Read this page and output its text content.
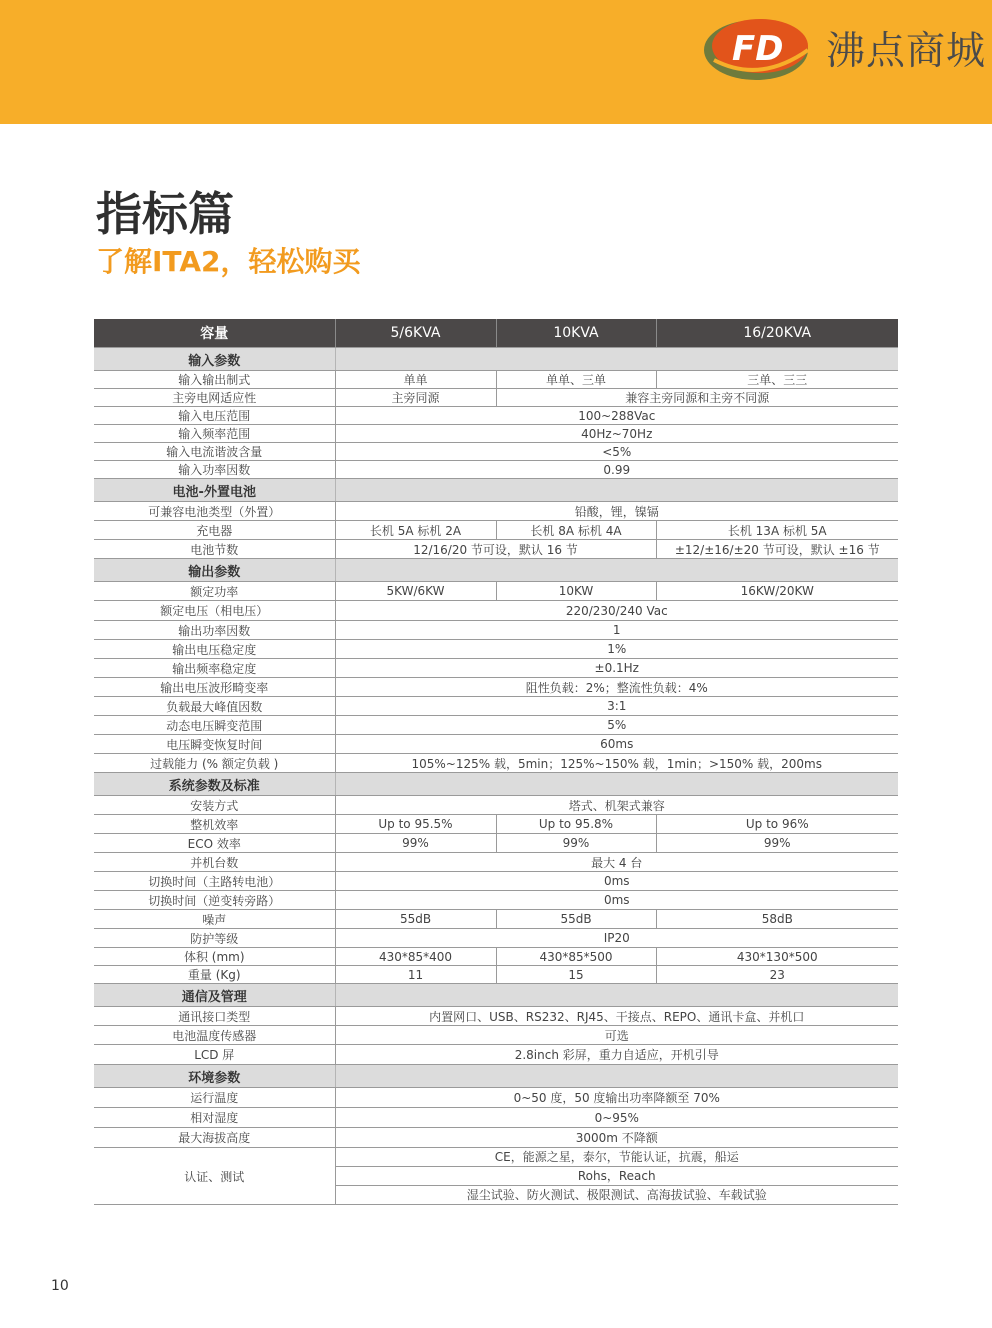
FD 沸点商城
指标篇
了解ITA2，轻松购买
容量	5/6KVA	10KVA	16/20KVA
输入参数			
输入输出制式	单单	单单、三单	三单、三三
主旁电网适应性	主旁同源	兼容主旁同源和主旁不同源	
输入电压范围	100~288Vac		
输入频率范围	40Hz~70Hz		
输入电流谐波含量	<5%		
输入功率因数	0.99		
电池-外置电池			
可兼容电池类型（外置）	铅酸，锂，镍镉		
充电器	长机 5A 标机 2A	长机 8A 标机 4A	长机 13A 标机 5A
电池节数	12/16/20 节可设，默认 16 节		±12/±16/±20 节可设，默认 ±16 节
输出参数			
额定功率	5KW/6KW	10KW	16KW/20KW
额定电压（相电压）	220/230/240 Vac		
输出功率因数	1		
输出电压稳定度	1%		
输出频率稳定度	±0.1Hz		
输出电压波形畸变率	阻性负载：2%；整流性负载：4%		
负载最大峰值因数	3:1		
动态电压瞬变范围	5%		
电压瞬变恢复时间	60ms		
过载能力 (% 额定负载 )	105%~125% 载，5min；125%~150% 载，1min；>150% 载，200ms		
系统参数及标准			
安装方式	塔式、机架式兼容		
整机效率	Up to 95.5%	Up to 95.8%	Up to 96%
ECO 效率	99%	99%	99%
并机台数	最大 4 台		
切换时间（主路转电池）	0ms		
切换时间（逆变转旁路）	0ms		
噪声	55dB	55dB	58dB
防护等级	IP20		
体积 (mm)	430*85*400	430*85*500	430*130*500
重量 (Kg)	11	15	23
通信及管理			
通讯接口类型	内置网口、USB、RS232、RJ45、干接点、REPO、通讯卡盒、并机口		
电池温度传感器	可选		
LCD 屏	2.8inch 彩屏，重力自适应，开机引导		
环境参数			
运行温度	0~50 度，50 度输出功率降额至 70%		
相对湿度	0~95%		
最大海拔高度	3000m 不降额		
认证、测试	CE，能源之星，泰尔，节能认证，抗震，船运
Rohs，Reach
湿尘试验、防火测试、极限测试、高海拔试验、车载试验		
10
